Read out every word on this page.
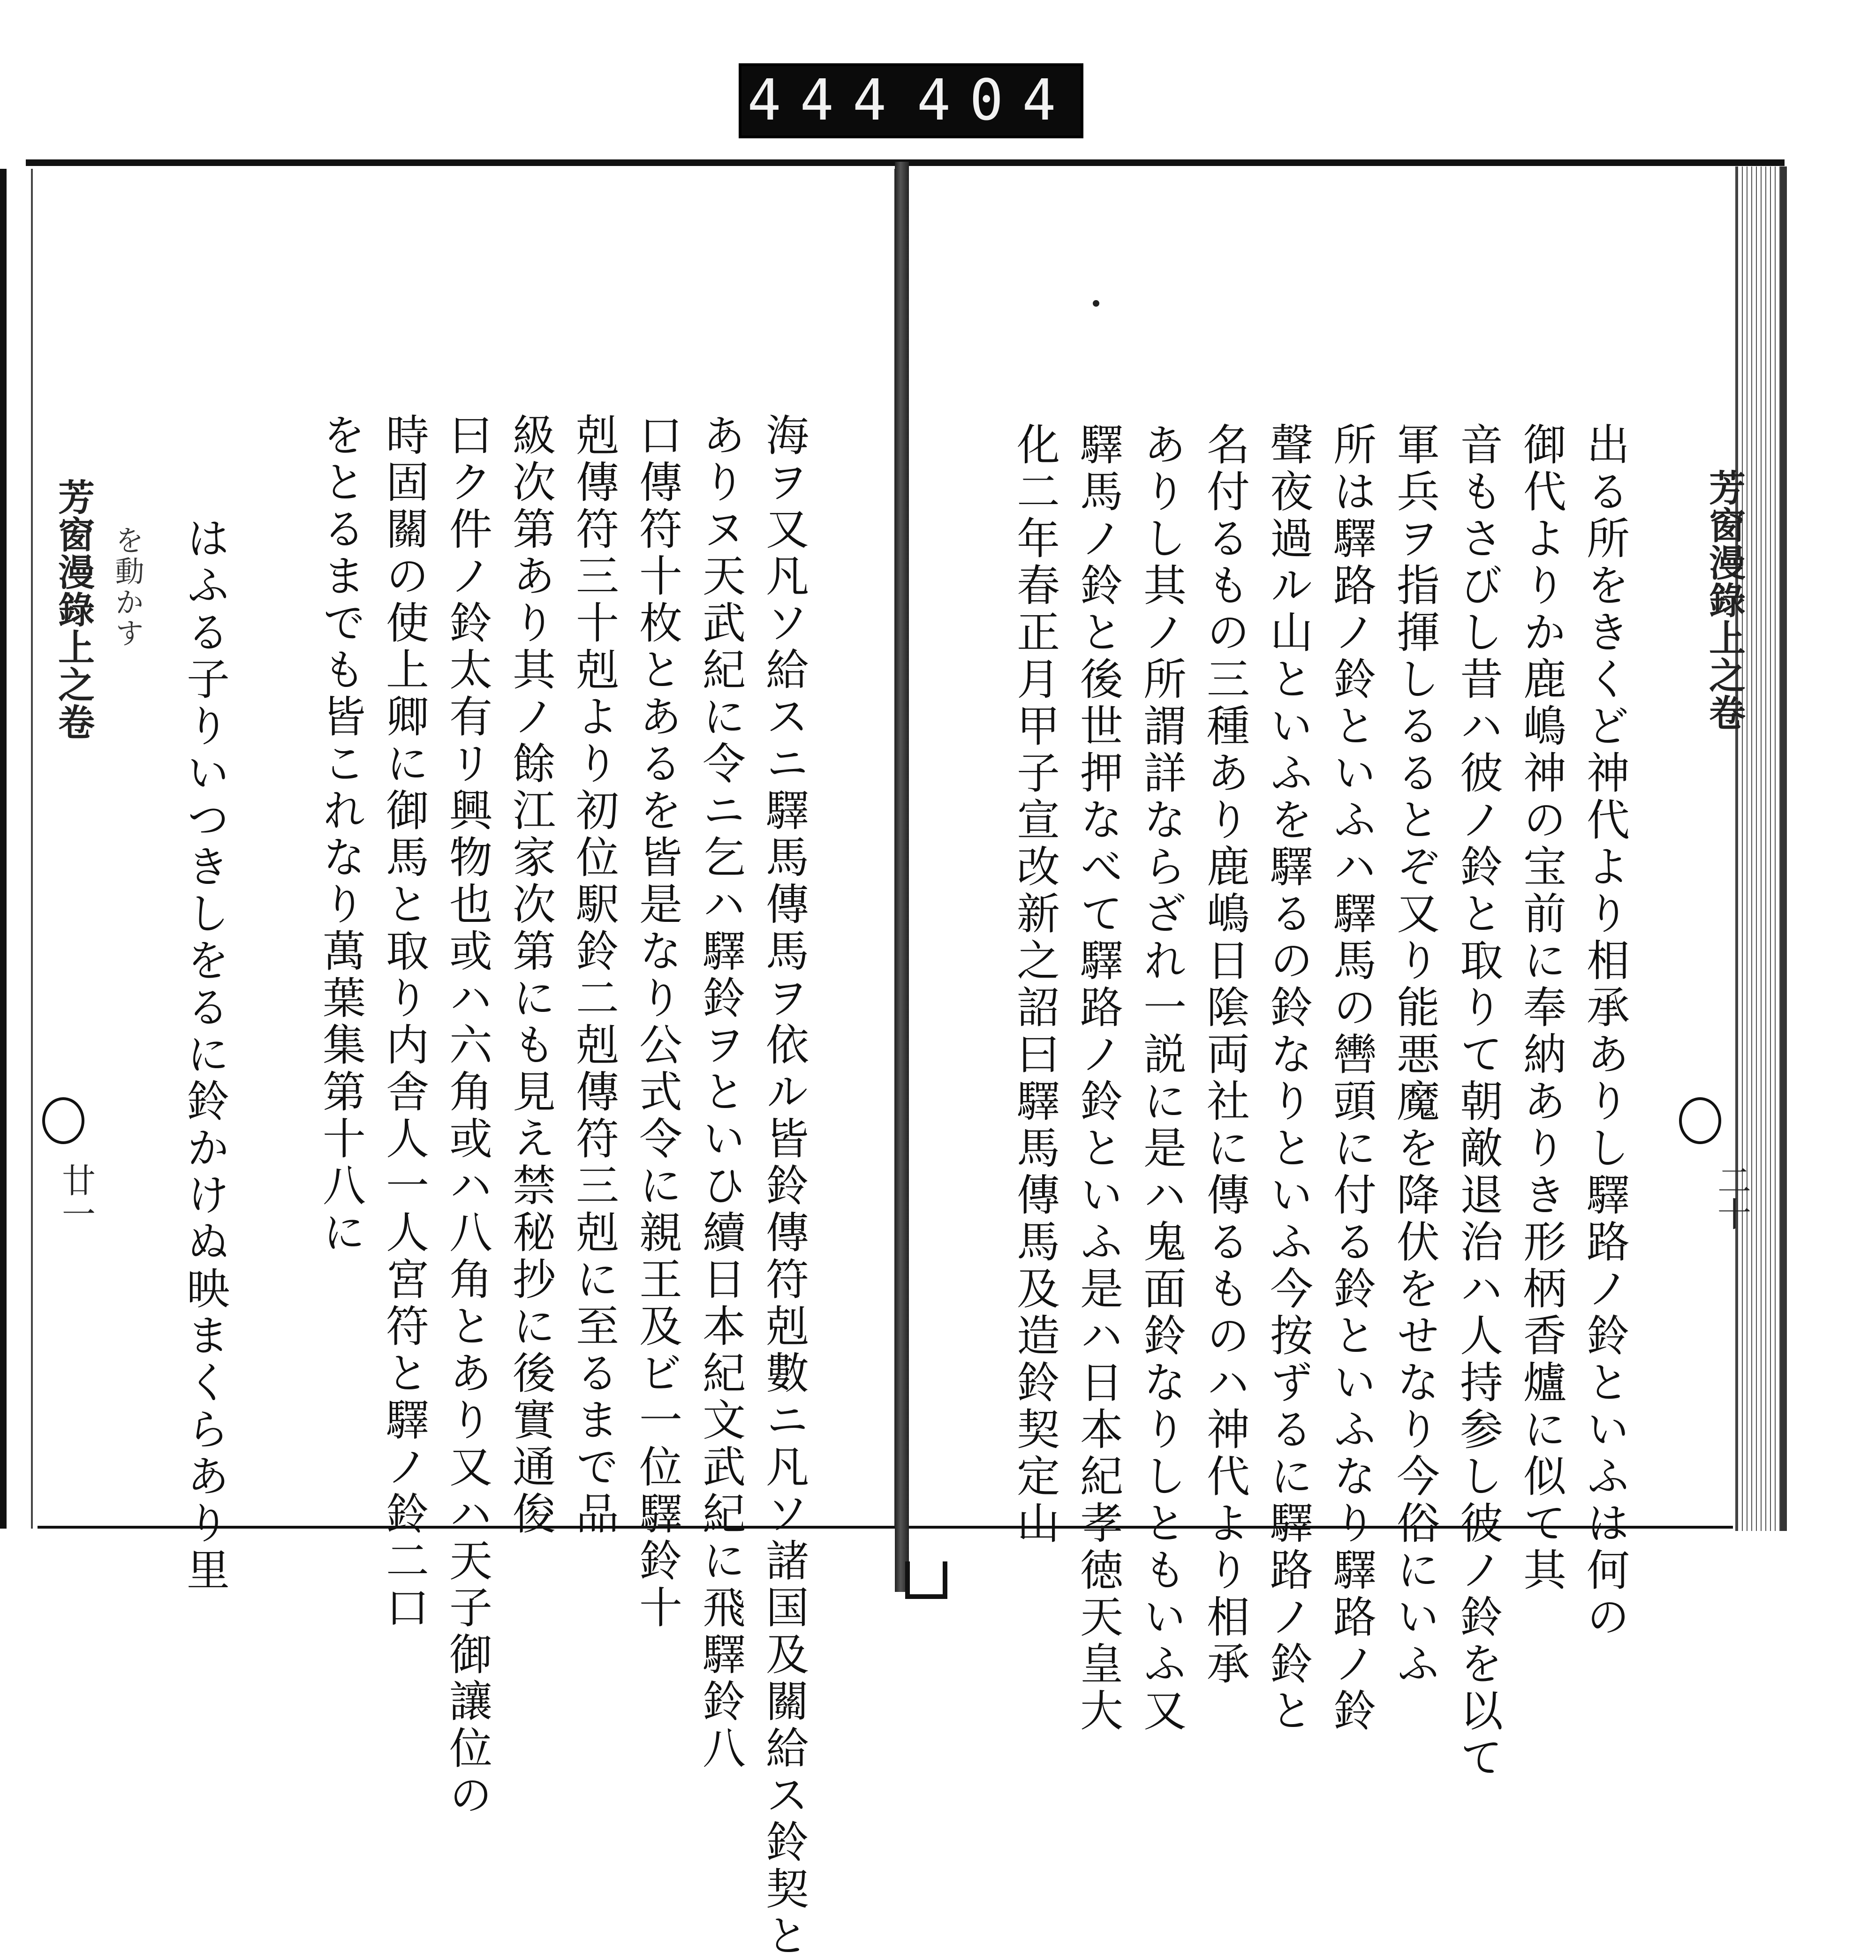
444 404
芳窗漫錄上之卷
二十
出る所をきくど神代より相承ありし驛路ノ鈴といふは何の
御代よりか鹿嶋神の宝前に奉納ありき形柄香爐に似て其
音もさびし昔ハ彼ノ鈴と取りて朝敵退治ハ人持参し彼ノ鈴を以て
軍兵ヲ指揮しるるとぞ又り能悪魔を降伏をせなり今俗にいふ
所は驛路ノ鈴といふハ驛馬の轡頭に付る鈴といふなり驛路ノ鈴
聲夜過ル山といふを驛るの鈴なりといふ今按ずるに驛路ノ鈴と
名付るもの三種あり鹿嶋日隂両社に傳るものハ神代より相承
ありし其ノ所謂詳ならざれ一説に是ハ鬼面鈴なりしともいふ又
驛馬ノ鈴と後世押なべて驛路ノ鈴といふ是ハ日本紀孝徳天皇大
化二年春正月甲子宣改新之詔曰驛馬傳馬及造鈴契定山
海ヲ又凡ソ給スニ驛馬傳馬ヲ依ル皆鈴傳符剋數ニ凡ソ諸国及關給ス鈴契と
ありヌ天武紀に令ニ乞ハ驛鈴ヲといひ續日本紀文武紀に飛驛鈴八
口傳符十枚とあるを皆是なり公式令に親王及ビ一位驛鈴十
剋傳符三十剋より初位駅鈴二剋傳符三剋に至るまで品
級次第あり其ノ餘江家次第にも見え禁秘抄に後實通俊
曰ク件ノ鈴太有リ興物也或ハ六角或ハ八角とあり又ハ天子御讓位の
時固關の使上卿に御馬と取り内舎人一人宮符と驛ノ鈴二口
をとるまでも皆これなり萬葉集第十八に
はふる子りいつきしをるに鈴かけぬ映まくらあり里
を動かす
芳窗漫錄上之卷
廿一
